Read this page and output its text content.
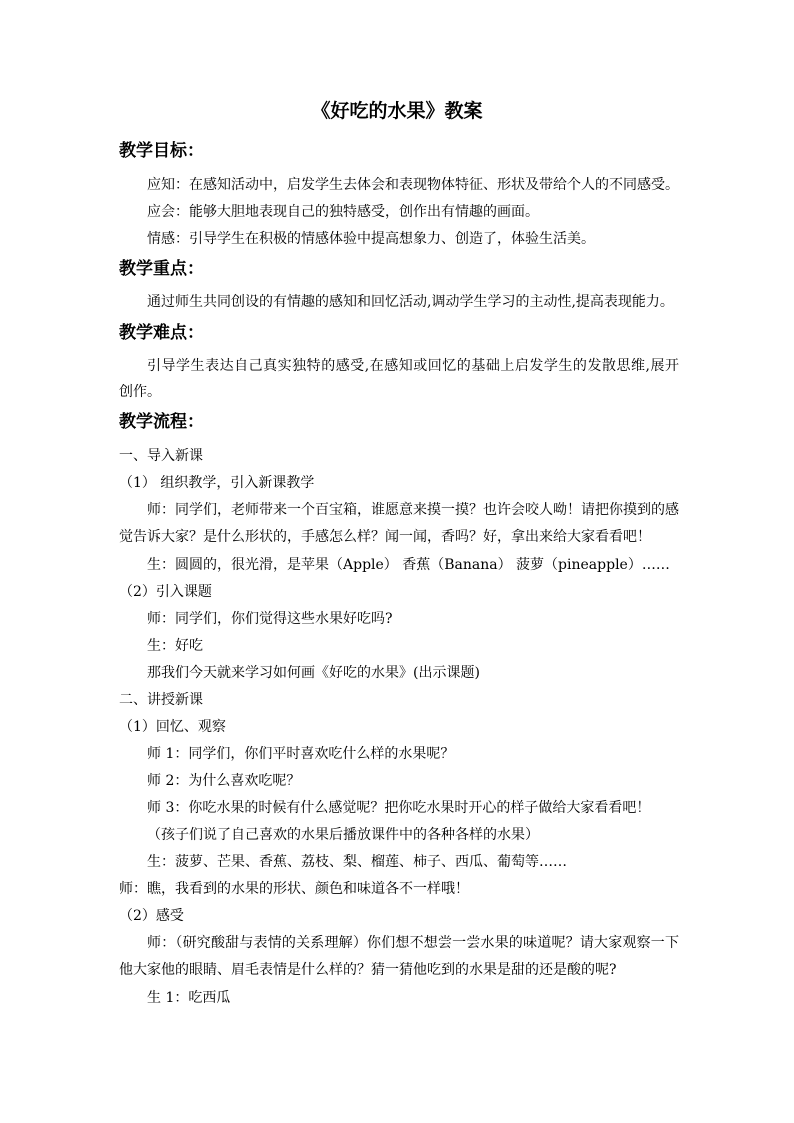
《好吃的水果》教案
教学目标：
应知：在感知活动中，启发学生去体会和表现物体特征、形状及带给个人的不同感受。
应会：能够大胆地表现自己的独特感受，创作出有情趣的画面。
情感：引导学生在积极的情感体验中提高想象力、创造了，体验生活美。
教学重点：
通过师生共同创设的有情趣的感知和回忆活动,调动学生学习的主动性,提高表现能力。
教学难点：
引导学生表达自己真实独特的感受,在感知或回忆的基础上启发学生的发散思维,展开
创作。
教学流程：
一、导入新课
（1） 组织教学，引入新课教学
师：同学们，老师带来一个百宝箱，谁愿意来摸一摸？也许会咬人呦！请把你摸到的感
觉告诉大家？是什么形状的，手感怎么样？闻一闻，香吗？好，拿出来给大家看看吧！
生：圆圆的，很光滑，是苹果（Apple） 香蕉（Banana） 菠萝（pineapple）……
（2）引入课题
师：同学们，你们觉得这些水果好吃吗?
生：好吃
那我们今天就来学习如何画《好吃的水果》(出示课题)
二、讲授新课
（1）回忆、观察
师 1：同学们，你们平时喜欢吃什么样的水果呢？
师 2：为什么喜欢吃呢？
师 3：你吃水果的时候有什么感觉呢？把你吃水果时开心的样子做给大家看看吧！
（孩子们说了自己喜欢的水果后播放课件中的各种各样的水果）
生：菠萝、芒果、香蕉、荔枝、梨、榴莲、柿子、西瓜、葡萄等……
师：瞧，我看到的水果的形状、颜色和味道各不一样哦！
（2）感受
师：（研究酸甜与表情的关系理解）你们想不想尝一尝水果的味道呢？请大家观察一下
他大家他的眼睛、眉毛表情是什么样的？猜一猜他吃到的水果是甜的还是酸的呢?
生 1：吃西瓜
